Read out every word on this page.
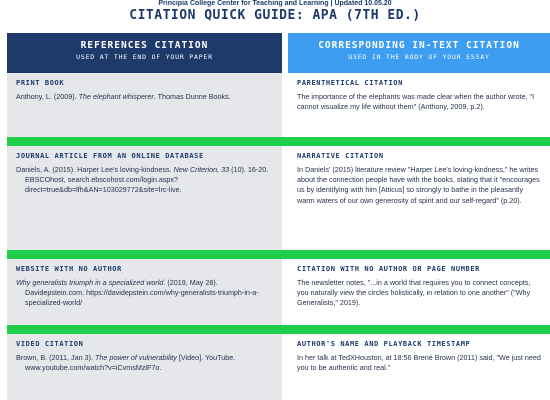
Principia College Center for Teaching and Learning | Updated 10.05.20
CITATION QUICK GUIDE: APA (7TH ED.)
REFERENCES CITATION
USED AT THE END OF YOUR PAPER
CORRESPONDING IN-TEXT CITATION
USED IN THE BODY OF YOUR ESSAY
PRINT BOOK
Anthony, L. (2009). The elephant whisperer. Thomas Dunne Books.
PARENTHETICAL CITATION
The importance of the elephants was made clear when the author wrote, "I cannot visualize my life without them" (Anthony, 2009, p.2).
JOURNAL ARTICLE FROM AN ONLINE DATABASE
Daniels, A. (2015). Harper Lee's loving-kindness. New Criterion, 33 (10). 16-20. EBSCOhost, search.ebscohost.com/login.aspx?direct=true&db=lfh&AN=103029772&site=lrc-live.
NARRATIVE CITATION
In Daniels' (2015) literature review "Harper Lee's loving-kindness," he writes about the connection people have with the books, stating that it "encourages us by identifying with him [Atticus] so strongly to bathe in the pleasantly warm waters of our own generosity of spirit and our self-regard" (p.20).
WEBSITE WITH NO AUTHOR
Why generalists triumph in a specialized world. (2019, May 28). Davidepstein.com. https://davidepstein.com/why-generalists-triumph-in-a-specialized-world/
CITATION WITH NO AUTHOR OR PAGE NUMBER
The newsletter notes, "...in a world that requires you to connect concepts, you naturally view the circles holistically, in relation to one another" ("Why Generalists," 2019).
VIDEO CITATION
Brown, B. (2011, Jan 3). The power of vulnerability [Video]. YouTube. www.youtube.com/watch?v=iCvmsMzlF7o.
AUTHOR'S NAME AND PLAYBACK TIMESTAMP
In her talk at TedXHouston, at 18:56 Brené Brown (2011) said, "We just need you to be authentic and real."
